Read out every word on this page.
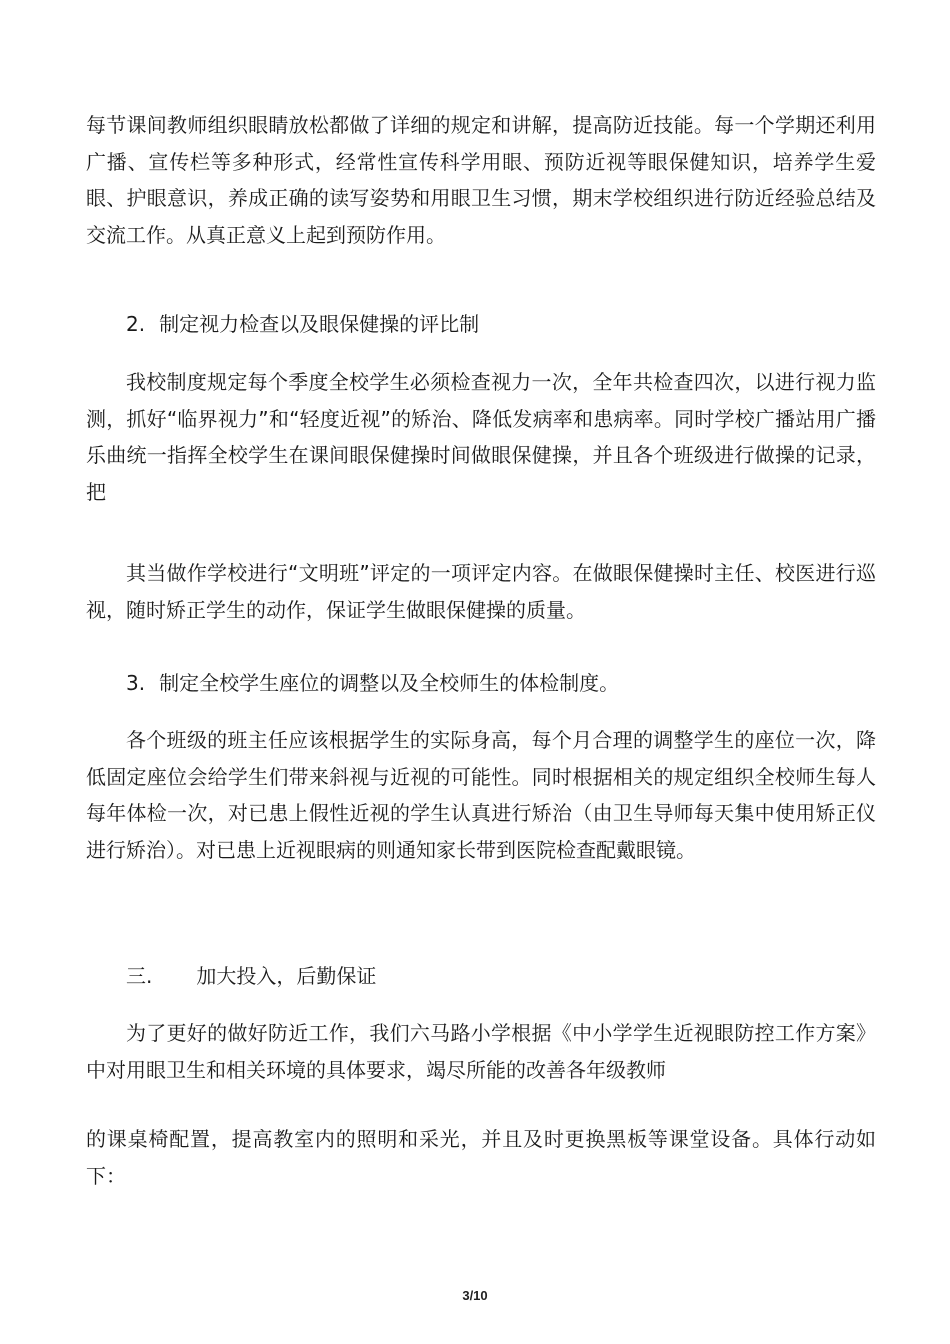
每节课间教师组织眼睛放松都做了详细的规定和讲解，提高防近技能。每一个学期还利用广播、宣传栏等多种形式，经常性宣传科学用眼、预防近视等眼保健知识，培养学生爱眼、护眼意识，养成正确的读写姿势和用眼卫生习惯，期末学校组织进行防近经验总结及交流工作。从真正意义上起到预防作用。

2. 制定视力检查以及眼保健操的评比制

我校制度规定每个季度全校学生必须检查视力一次，全年共检查四次，以进行视力监测，抓好“临界视力”和“轻度近视”的矫治、降低发病率和患病率。同时学校广播站用广播乐曲统一指挥全校学生在课间眼保健操时间做眼保健操，并且各个班级进行做操的记录，把

其当做作学校进行“文明班”评定的一项评定内容。在做眼保健操时主任、校医进行巡视，随时矫正学生的动作，保证学生做眼保健操的质量。

3. 制定全校学生座位的调整以及全校师生的体检制度。

各个班级的班主任应该根据学生的实际身高，每个月合理的调整学生的座位一次，降低固定座位会给学生们带来斜视与近视的可能性。同时根据相关的规定组织全校师生每人每年体检一次，对已患上假性近视的学生认真进行矫治（由卫生导师每天集中使用矫正仪进行矫治）。对已患上近视眼病的则通知家长带到医院检查配戴眼镜。

三. 加大投入，后勤保证

为了更好的做好防近工作，我们六马路小学根据《中小学学生近视眼防控工作方案》中对用眼卫生和相关环境的具体要求，竭尽所能的改善各年级教师

的课桌椅配置，提高教室内的照明和采光，并且及时更换黑板等课堂设备。具体行动如下：

3/10
